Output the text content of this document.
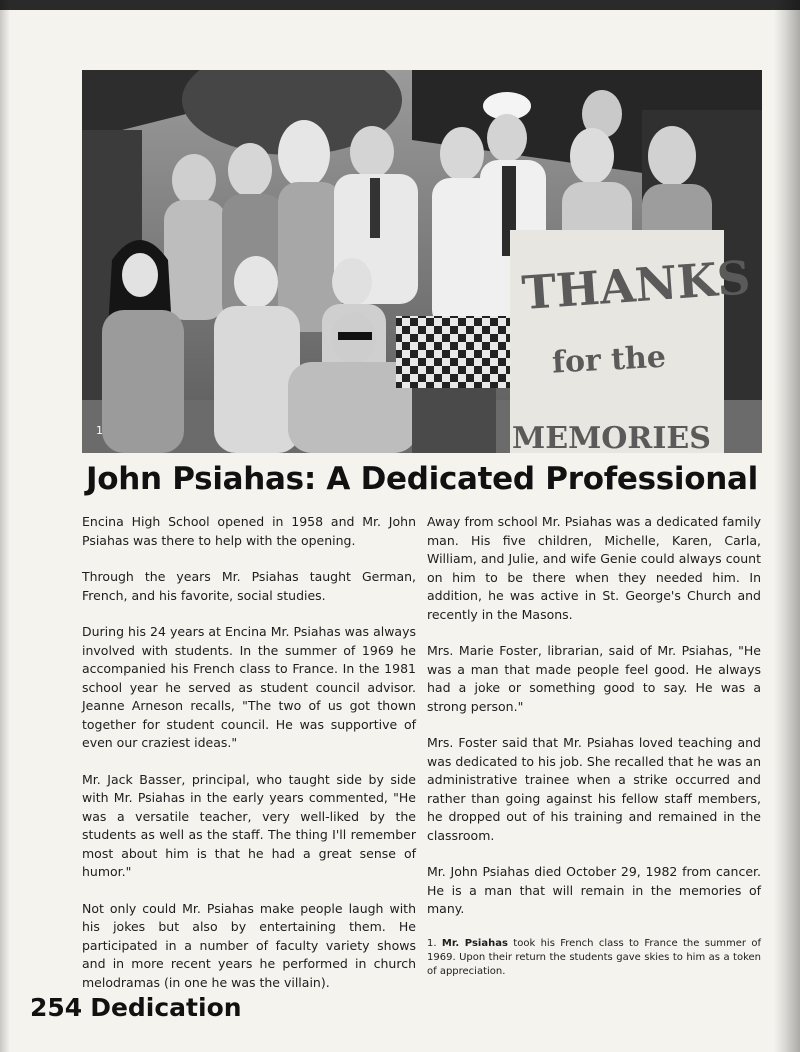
THANKS
for the
MEMORIES
1
John Psiahas: A Dedicated Professional

Encina High School opened in 1958 and Mr. John Psiahas was there to help with the opening.

Through the years Mr. Psiahas taught German, French, and his favorite, social studies.

During his 24 years at Encina Mr. Psiahas was always involved with students. In the summer of 1969 he accompanied his French class to France. In the 1981 school year he served as student council advisor. Jeanne Arneson recalls, "The two of us got thown together for student council. He was supportive of even our craziest ideas."

Mr. Jack Basser, principal, who taught side by side with Mr. Psiahas in the early years commented, "He was a versatile teacher, very well-liked by the students as well as the staff. The thing I'll remember most about him is that he had a great sense of humor."

Not only could Mr. Psiahas make people laugh with his jokes but also by entertaining them. He participated in a number of faculty variety shows and in more recent years he performed in church melodramas (in one he was the villain).

Away from school Mr. Psiahas was a dedicated family man. His five children, Michelle, Karen, Carla, William, and Julie, and wife Genie could always count on him to be there when they needed him. In addition, he was active in St. George's Church and recently in the Masons.

Mrs. Marie Foster, librarian, said of Mr. Psiahas, "He was a man that made people feel good. He always had a joke or something good to say. He was a strong person."

Mrs. Foster said that Mr. Psiahas loved teaching and was dedicated to his job. She recalled that he was an administrative trainee when a strike occurred and rather than going against his fellow staff members, he dropped out of his training and remained in the classroom.

Mr. John Psiahas died October 29, 1982 from cancer. He is a man that will remain in the memories of many.

1. Mr. Psiahas took his French class to France the summer of 1969. Upon their return the students gave skies to him as a token of appreciation.
254 Dedication
